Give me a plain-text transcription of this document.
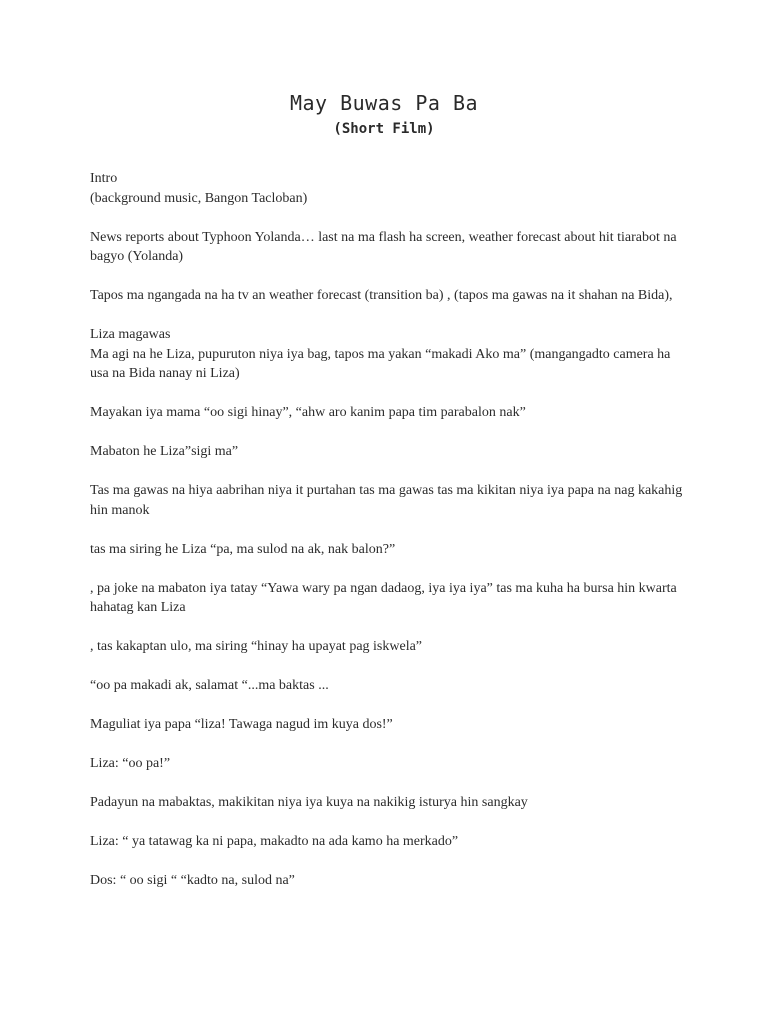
May Buwas Pa Ba
(Short Film)

Intro
(background music, Bangon Tacloban)

News reports about Typhoon Yolanda… last na ma flash ha screen, weather forecast about hit tiarabot na bagyo (Yolanda)

Tapos ma ngangada na ha tv an weather forecast (transition ba) , (tapos ma gawas na it shahan na Bida),

Liza magawas
Ma agi na he Liza, pupuruton niya iya bag, tapos ma yakan “makadi Ako ma” (mangangadto camera ha usa na Bida nanay ni Liza)

Mayakan iya mama “oo sigi hinay”, “ahw aro kanim papa tim parabalon nak”

Mabaton he Liza”sigi ma”

Tas ma gawas na hiya aabrihan niya it purtahan tas ma gawas tas ma kikitan niya iya papa na nag kakahig hin manok

tas ma siring he Liza “pa, ma sulod na ak, nak balon?”

, pa joke na mabaton iya tatay “Yawa wary pa ngan dadaog, iya iya iya” tas ma kuha ha bursa hin kwarta hahatag kan Liza

, tas kakaptan ulo, ma siring “hinay ha upayat pag iskwela”

“oo pa makadi ak, salamat “...ma baktas ...

Maguliat iya papa “liza! Tawaga nagud im kuya dos!”

Liza: “oo pa!”

Padayun na mabaktas, makikitan niya iya kuya na nakikig isturya hin sangkay

Liza: “ ya tatawag ka ni papa, makadto na ada kamo ha merkado”

Dos: “ oo sigi “ “kadto na, sulod na”
